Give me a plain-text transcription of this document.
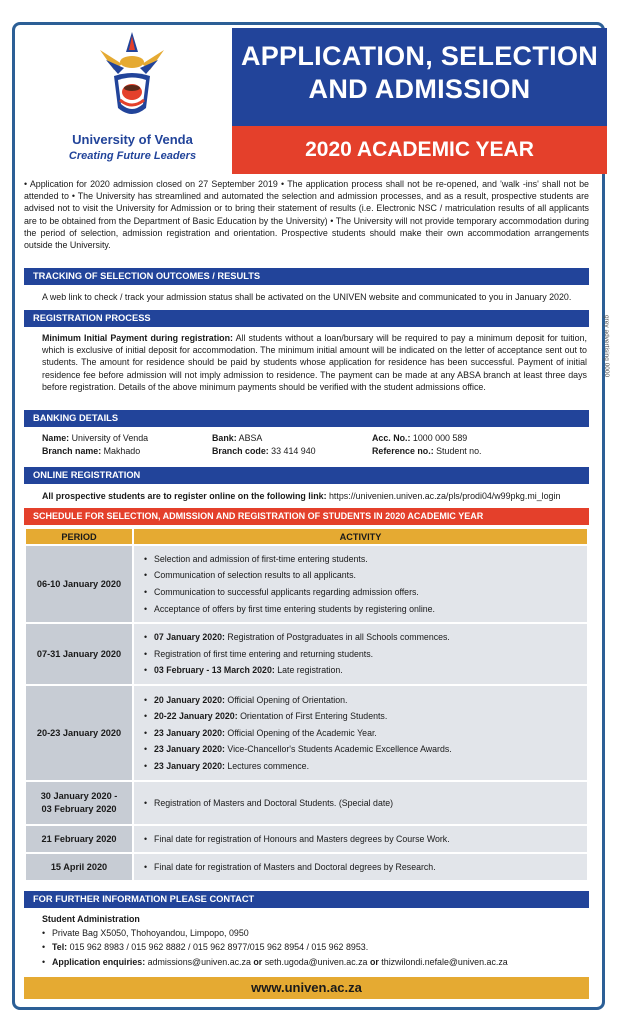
University of Venda
Creating Future Leaders
APPLICATION, SELECTION
AND ADMISSION
2020 ACADEMIC YEAR
• Application for 2020 admission closed on 27 September 2019 • The application process shall not be re-opened, and 'walk -ins' shall not be attended to • The University has streamlined and automated the selection and admission processes, and as a result, prospective students are advised not to visit the University for Admission or to bring their statement of results (i.e. Electronic NSC / matriculation results of all applicants are to be obtained from the Department of Basic Education by the University) • The University will not provide temporary accommodation during the period of selection, admission registration and orientation. Prospective students should make their own accommodation arrangements outside the University.
TRACKING OF SELECTION OUTCOMES / RESULTS
A web link to check / track your admission status shall be activated on the UNIVEN website and communicated to you in January 2020.
REGISTRATION PROCESS
Minimum Initial Payment during registration: All students without a loan/bursary will be required to pay a minimum deposit for tuition, which is exclusive of initial deposit for accommodation. The minimum initial amount will be indicated on the letter of acceptance sent out to students. The amount for residence should be paid by students whose application for residence has been successful. Payment of initial residence fee before admission will not imply admission to residence. The payment can be made at any ABSA branch at least three days before registration. Details of the above minimum payments should be verified with the student admissions office.
BANKING DETAILS
Name: University of Venda
Branch name: Makhado
Bank: ABSA
Branch code: 33 414 940
Acc. No.: 1000 000 589
Reference no.: Student no.
ONLINE REGISTRATION
All prospective students are to register online on the following link: https://univenien.univen.ac.za/pls/prodi04/w99pkg.mi_login
SCHEDULE FOR SELECTION, ADMISSION AND REGISTRATION OF STUDENTS IN 2020 ACADEMIC YEAR
PERIOD	ACTIVITY
06-10 January 2020	• Selection and admission of first-time entering students.
• Communication of selection results to all applicants.
• Communication to successful applicants regarding admission offers.
• Acceptance of offers by first time entering students by registering online.

07-31 January 2020	• 07 January 2020: Registration of Postgraduates in all Schools commences.
• Registration of first time entering and returning students.
• 03 February - 13 March 2020: Late registration.

20-23 January 2020	• 20 January 2020: Official Opening of Orientation.
• 20-22 January 2020: Orientation of First Entering Students.
• 23 January 2020: Official Opening of the Academic Year.
• 23 January 2020: Vice-Chancellor's Students Academic Excellence Awards.
• 23 January 2020: Lectures commence.

30 January 2020 -
03 February 2020	• Registration of Masters and Doctoral Students. (Special date)

21 February 2020	• Final date for registration of Honours and Masters degrees by Course Work.

15 April 2020	• Final date for registration of Masters and Doctoral degrees by Research.
FOR FURTHER INFORMATION PLEASE CONTACT
Student Administration
• Private Bag X5050, Thohoyandou, Limpopo, 0950
• Tel: 015 962 8983 / 015 962 8882 / 015 962 8977/015 962 8954 / 015 962 8953.
• Application enquiries: admissions@univen.ac.za or seth.ugoda@univen.ac.za or thizwilondi.nefale@univen.ac.za
www.univen.ac.za
grey advertising 0000
